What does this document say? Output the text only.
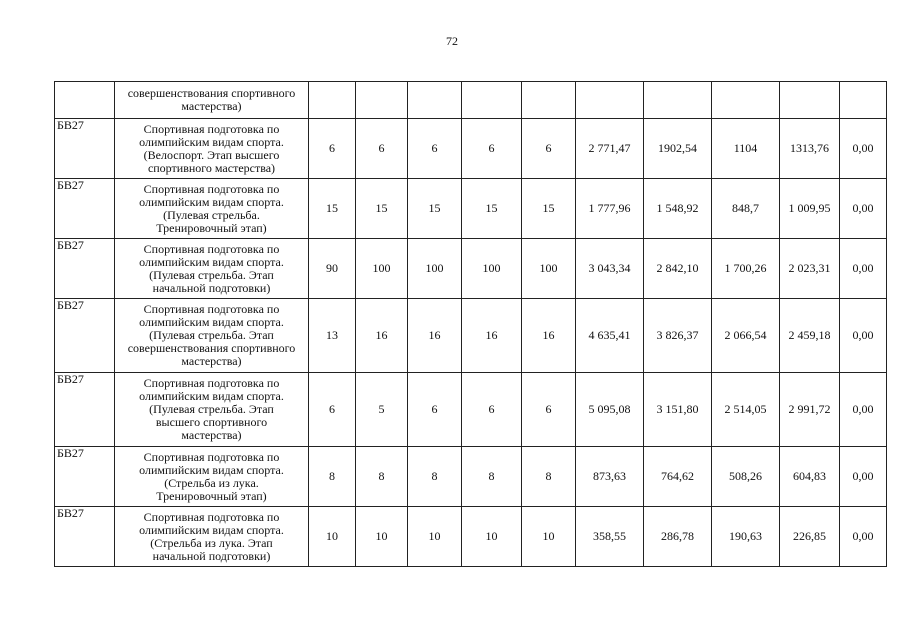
72

	совершенствования спортивного
мастерства)										

БВ27	Спортивная подготовка по
олимпийским видам спорта.
(Велоспорт. Этап высшего
спортивного мастерства)	6	6	6	6	6	2 771,47	1902,54	1104	1313,76	0,00
БВ27	Спортивная подготовка по
олимпийским видам спорта.
(Пулевая стрельба.
Тренировочный этап)	15	15	15	15	15	1 777,96	1 548,92	848,7	1 009,95	0,00
БВ27	Спортивная подготовка по
олимпийским видам спорта.
(Пулевая стрельба. Этап
начальной подготовки)	90	100	100	100	100	3 043,34	2 842,10	1 700,26	2 023,31	0,00
БВ27	Спортивная подготовка по
олимпийским видам спорта.
(Пулевая стрельба. Этап
совершенствования спортивного
мастерства)	13	16	16	16	16	4 635,41	3 826,37	2 066,54	2 459,18	0,00
БВ27	Спортивная подготовка по
олимпийским видам спорта.
(Пулевая стрельба. Этап
высшего спортивного
мастерства)	6	5	6	6	6	5 095,08	3 151,80	2 514,05	2 991,72	0,00
БВ27	Спортивная подготовка по
олимпийским видам спорта.
(Стрельба из лука.
Тренировочный этап)	8	8	8	8	8	873,63	764,62	508,26	604,83	0,00
БВ27	Спортивная подготовка по
олимпийским видам спорта.
(Стрельба из лука. Этап
начальной подготовки)	10	10	10	10	10	358,55	286,78	190,63	226,85	0,00
